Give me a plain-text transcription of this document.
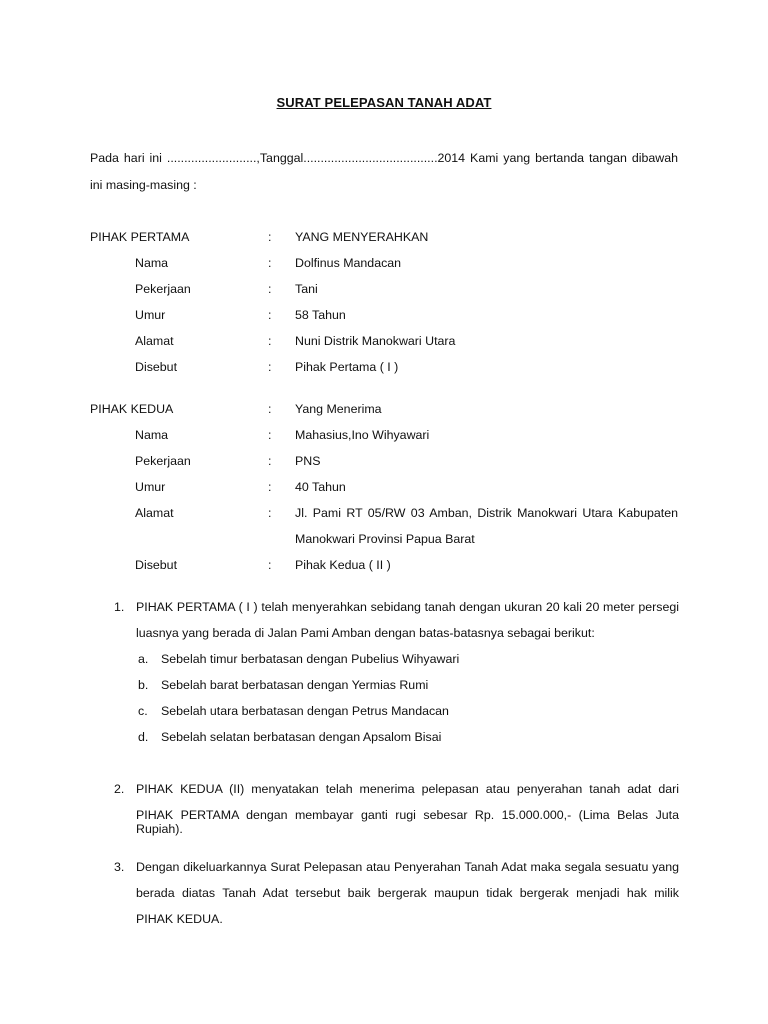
SURAT PELEPASAN TANAH ADAT
Pada hari ini ..........................,Tanggal.......................................2014 Kami yang bertanda tangan dibawah
ini masing-masing :
PIHAK PERTAMA	: YANG MENYERAHKAN
Nama	: Dolfinus Mandacan
Pekerjaan	: Tani
Umur	: 58 Tahun
Alamat	: Nuni Distrik Manokwari Utara
Disebut	: Pihak Pertama ( I )
PIHAK KEDUA	: Yang Menerima
Nama	: Mahasius,Ino Wihyawari
Pekerjaan	: PNS
Umur	: 40 Tahun
Alamat	: Jl. Pami RT 05/RW 03 Amban, Distrik Manokwari Utara Kabupaten
Manokwari Provinsi Papua Barat
Disebut	: Pihak Kedua ( II )
1. PIHAK PERTAMA ( I ) telah menyerahkan sebidang tanah dengan ukuran 20 kali 20 meter persegi
luasnya yang berada di Jalan Pami Amban dengan batas-batasnya sebagai berikut:
a. Sebelah timur berbatasan dengan Pubelius Wihyawari
b. Sebelah barat berbatasan dengan Yermias Rumi
c. Sebelah utara berbatasan dengan Petrus Mandacan
d. Sebelah selatan berbatasan dengan Apsalom Bisai
2. PIHAK KEDUA (II) menyatakan telah menerima pelepasan atau penyerahan tanah adat dari
PIHAK PERTAMA dengan membayar ganti rugi sebesar Rp. 15.000.000,- (Lima Belas Juta Rupiah).
3. Dengan dikeluarkannya Surat Pelepasan atau Penyerahan Tanah Adat maka segala sesuatu yang
berada diatas Tanah Adat tersebut baik bergerak maupun tidak bergerak menjadi hak milik
PIHAK KEDUA.
